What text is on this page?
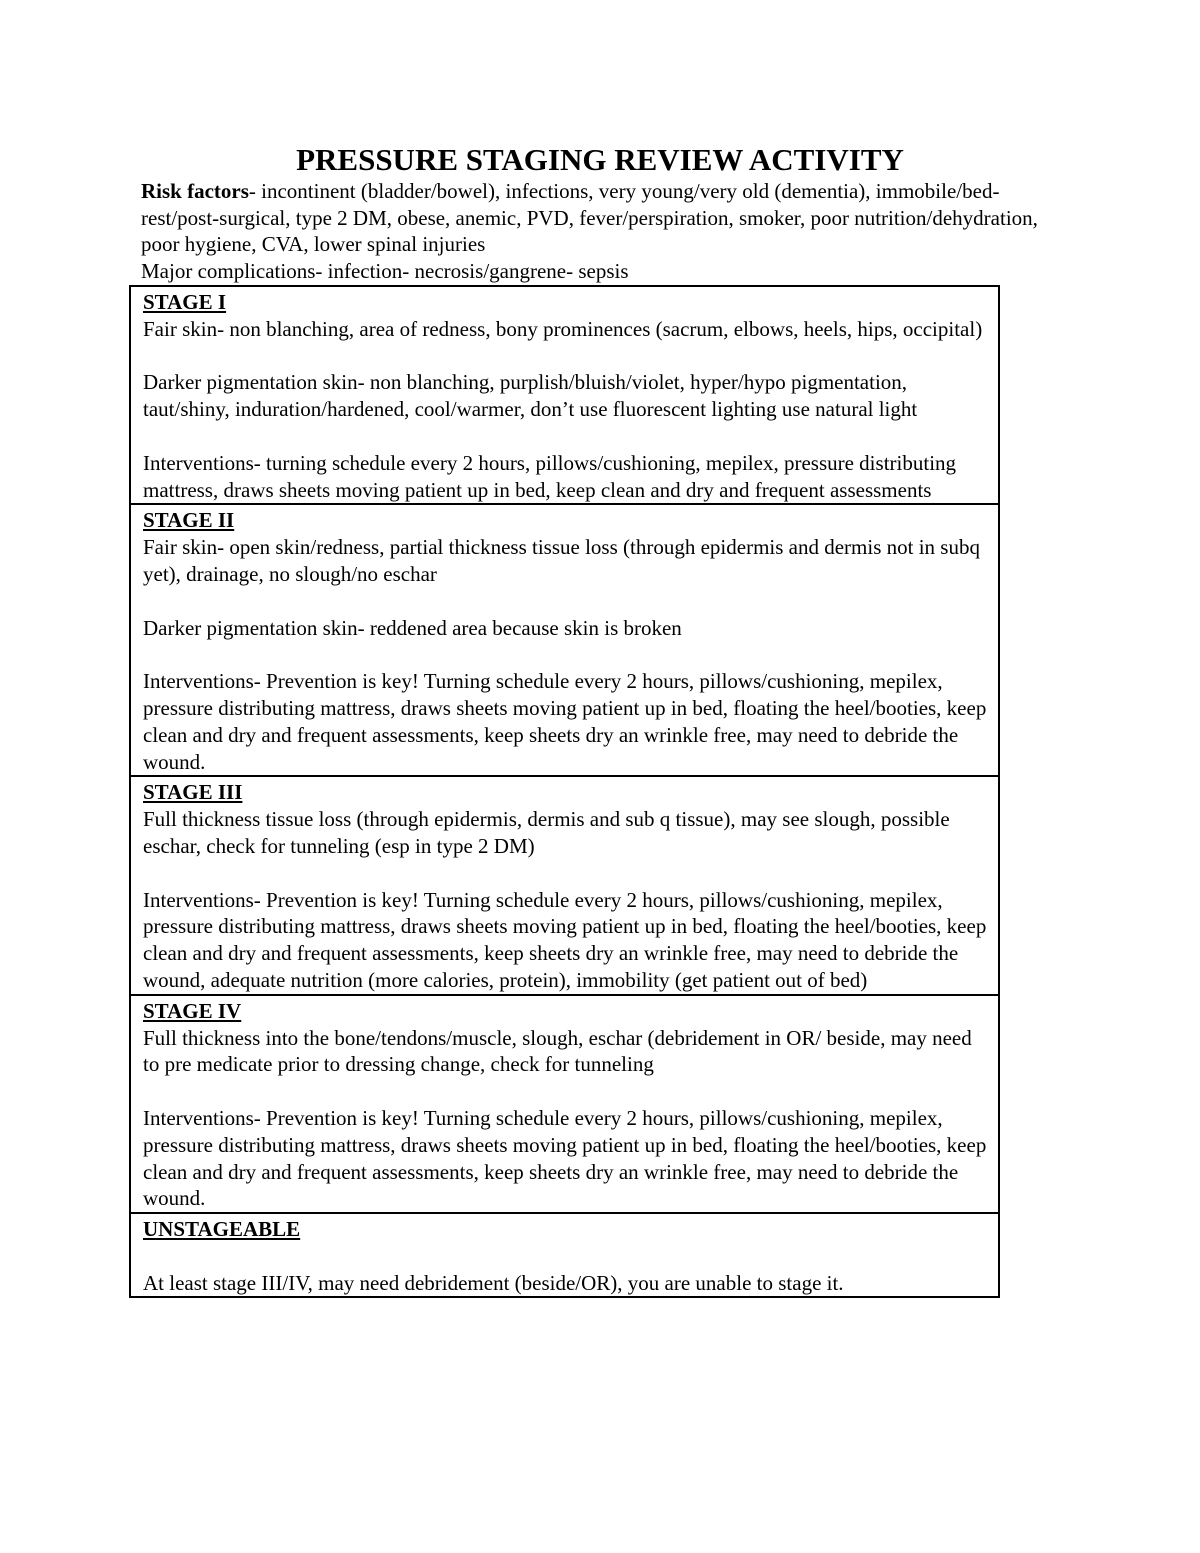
PRESSURE STAGING REVIEW ACTIVITY

Risk factors- incontinent (bladder/bowel), infections, very young/very old (dementia), immobile/bed-rest/post-surgical, type 2 DM, obese, anemic, PVD, fever/perspiration, smoker, poor nutrition/dehydration, poor hygiene, CVA, lower spinal injuries

Major complications- infection- necrosis/gangrene- sepsis

STAGE I

Fair skin- non blanching, area of redness, bony prominences (sacrum, elbows, heels, hips, occipital)

Darker pigmentation skin- non blanching, purplish/bluish/violet, hyper/hypo pigmentation, taut/shiny, induration/hardened, cool/warmer, don’t use fluorescent lighting use natural light

Interventions- turning schedule every 2 hours, pillows/cushioning, mepilex, pressure distributing mattress, draws sheets moving patient up in bed, keep clean and dry and frequent assessments

STAGE II

Fair skin- open skin/redness, partial thickness tissue loss (through epidermis and dermis not in subq yet), drainage, no slough/no eschar

Darker pigmentation skin- reddened area because skin is broken

Interventions- Prevention is key! Turning schedule every 2 hours, pillows/cushioning, mepilex, pressure distributing mattress, draws sheets moving patient up in bed, floating the heel/booties, keep clean and dry and frequent assessments, keep sheets dry an wrinkle free, may need to debride the wound.

STAGE III

Full thickness tissue loss (through epidermis, dermis and sub q tissue), may see slough, possible eschar, check for tunneling (esp in type 2 DM)

Interventions- Prevention is key! Turning schedule every 2 hours, pillows/cushioning, mepilex, pressure distributing mattress, draws sheets moving patient up in bed, floating the heel/booties, keep clean and dry and frequent assessments, keep sheets dry an wrinkle free, may need to debride the wound, adequate nutrition (more calories, protein), immobility (get patient out of bed)

STAGE IV

Full thickness into the bone/tendons/muscle, slough, eschar (debridement in OR/ beside, may need to pre medicate prior to dressing change, check for tunneling

Interventions- Prevention is key! Turning schedule every 2 hours, pillows/cushioning, mepilex, pressure distributing mattress, draws sheets moving patient up in bed, floating the heel/booties, keep clean and dry and frequent assessments, keep sheets dry an wrinkle free, may need to debride the wound.

UNSTAGEABLE

At least stage III/IV, may need debridement (beside/OR), you are unable to stage it.
